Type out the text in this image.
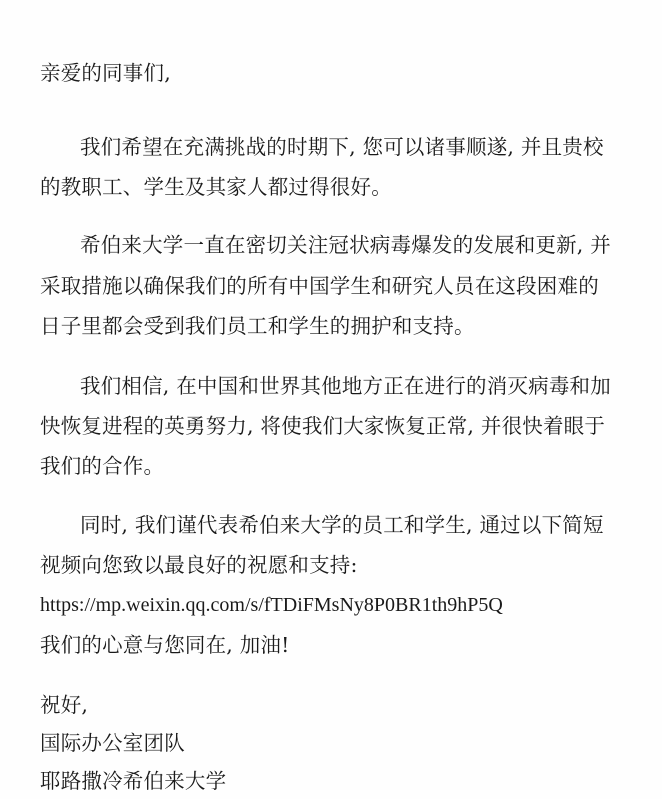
亲爱的同事们,
我们希望在充满挑战的时期下, 您可以诸事顺遂, 并且贵校
的教职工、学生及其家人都过得很好。
希伯来大学一直在密切关注冠状病毒爆发的发展和更新, 并
采取措施以确保我们的所有中国学生和研究人员在这段困难的
日子里都会受到我们员工和学生的拥护和支持。
我们相信, 在中国和世界其他地方正在进行的消灭病毒和加
快恢复进程的英勇努力, 将使我们大家恢复正常, 并很快着眼于
我们的合作。
同时, 我们谨代表希伯来大学的员工和学生, 通过以下简短
视频向您致以最良好的祝愿和支持:
https://mp.weixin.qq.com/s/fTDiFMsNy8P0BR1th9hP5Q
我们的心意与您同在, 加油!
祝好,
国际办公室团队
耶路撒冷希伯来大学
